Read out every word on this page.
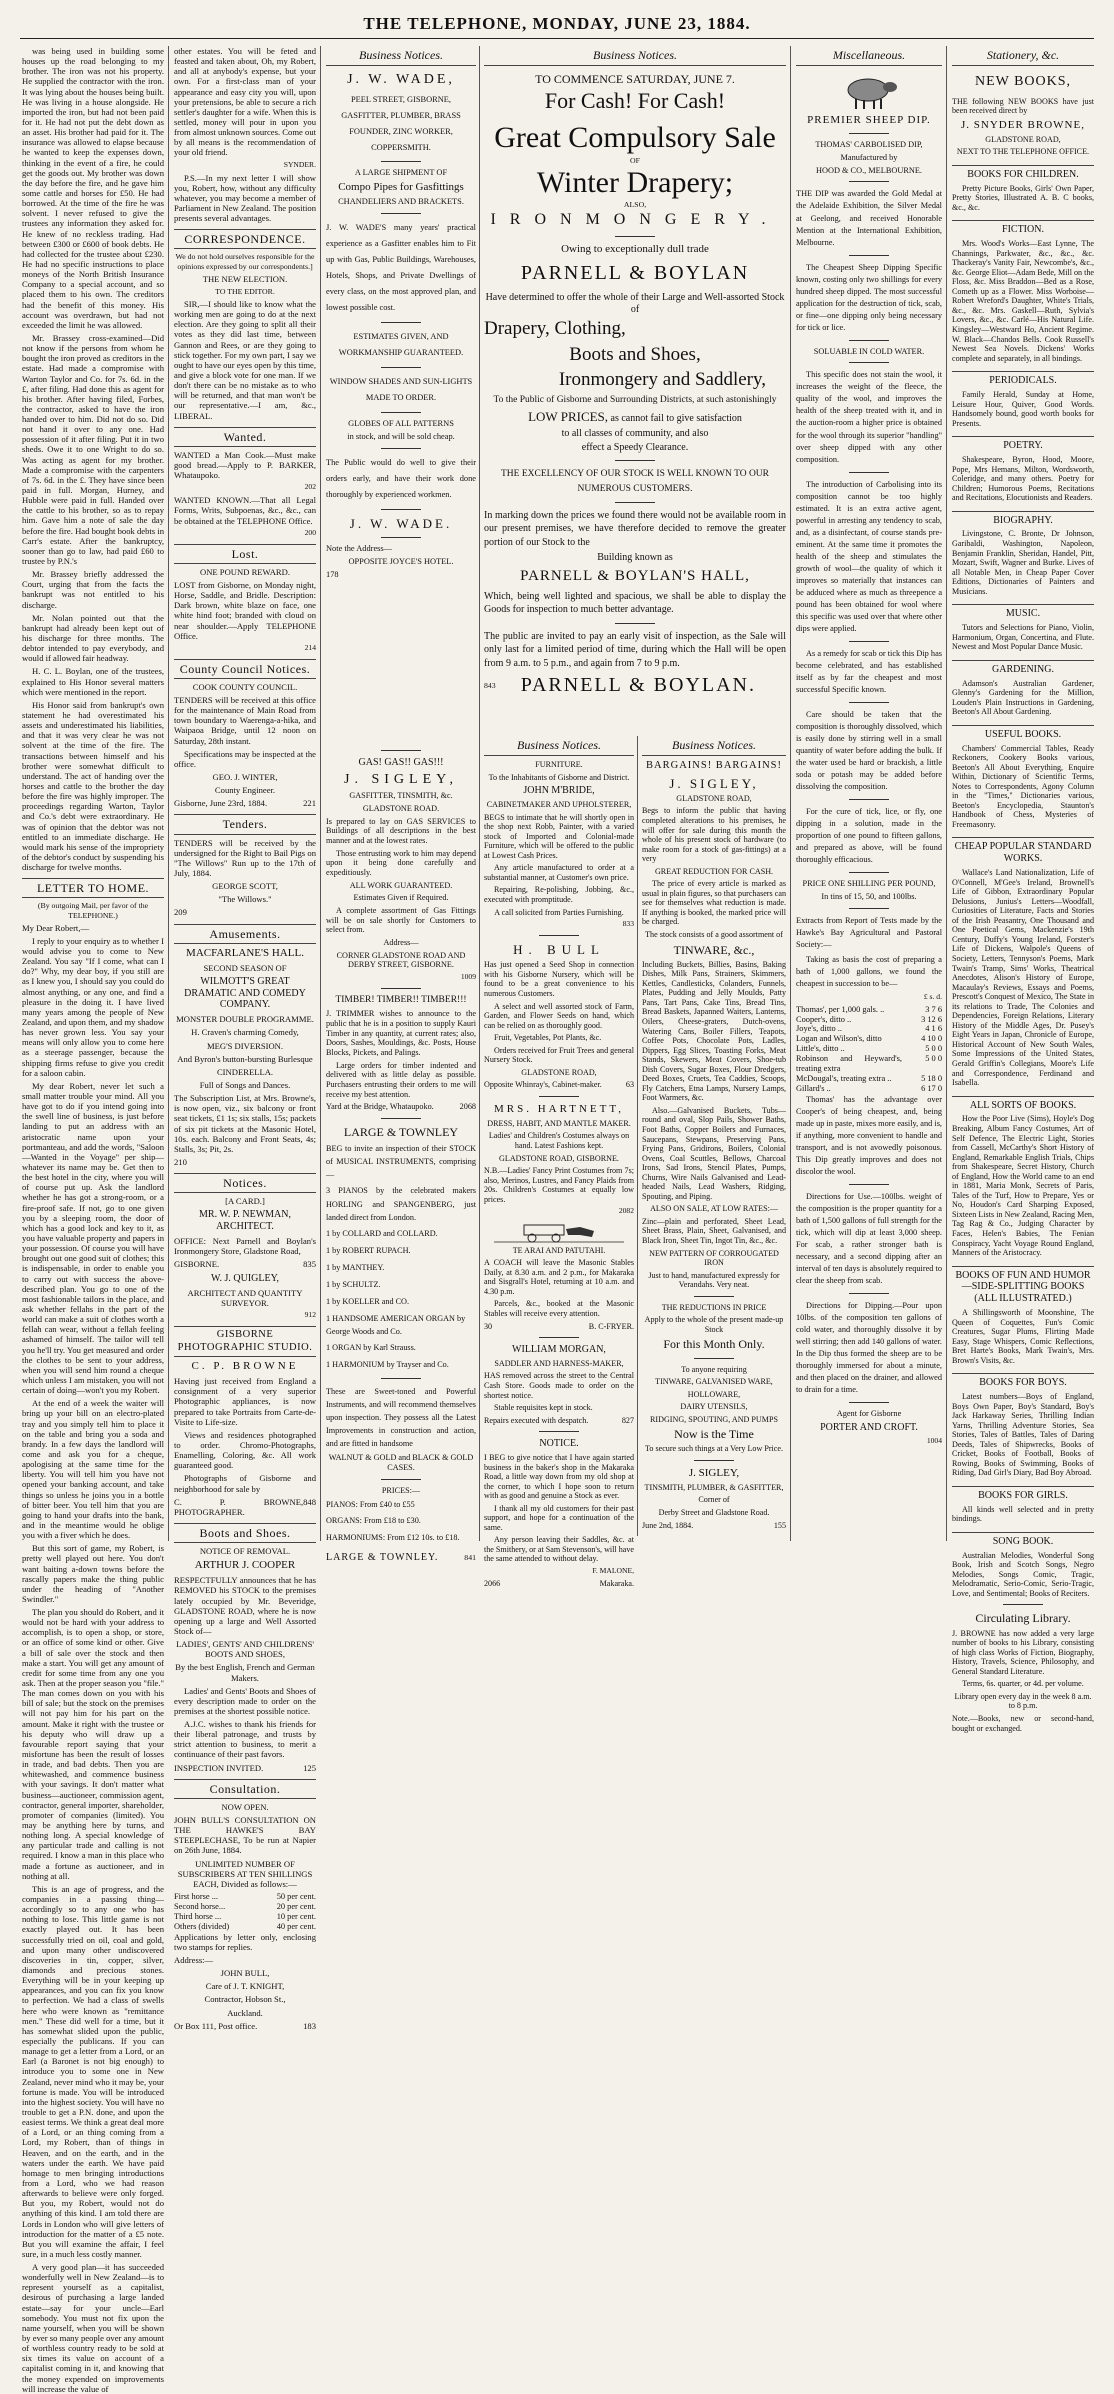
THE TELEPHONE, MONDAY, JUNE 23, 1884.

was being used in building some houses up the road belonging to my brother. The iron was not his property. He supplied the contractor with the iron. It was lying about the houses being built. He was living in a house alongside. He imported the iron, but had not been paid for it. He had not put the debt down as an asset. His brother had paid for it. The insurance was allowed to elapse because he wanted to keep the expenses down, thinking in the event of a fire, he could get the goods out. My brother was down the day before the fire, and he gave him some cattle and horses for £50. He had borrowed. At the time of the fire he was solvent. I never refused to give the trustees any information they asked for. He knew of no reckless trading. Had between £300 or £600 of book debts. He had collected for the trustee about £230. He had no specific instructions to place moneys of the North British Insurance Company to a special account, and so placed them to his own. The creditors had the benefit of this money. His account was overdrawn, but had not exceeded the limit he was allowed.

Mr. Brassey cross-examined—Did not know if the persons from whom he bought the iron proved as creditors in the estate. Had made a compromise with Warton Taylor and Co. for 7s. 6d. in the £, after filing. Had done this as agent for his brother. After having filed, Forbes, the contractor, asked to have the iron handed over to him. Did not do so. Did not hand it over to any one. Had possession of it after filing. Put it in two sheds. Owe it to one Wright to do so. Was acting as agent for my brother. Made a compromise with the carpenters of 7s. 6d. in the £. They have since been paid in full. Morgan, Hurney, and Hubble were paid in full. Handed over the cattle to his brother, so as to repay him. Gave him a note of sale the day before the fire. Had bought book debts in Carr's estate. After the bankruptcy, sooner than go to law, had paid £60 to trustee by P.N.'s

Mr. Brassey briefly addressed the Court, urging that from the facts the bankrupt was not entitled to his discharge.

Mr. Nolan pointed out that the bankrupt had already been kept out of his discharge for three months. The debtor intended to pay everybody, and would if allowed fair headway.

H. C. L. Boylan, one of the trustees, explained to His Honor several matters which were mentioned in the report.

His Honor said from bankrupt's own statement he had overestimated his assets and underestimated his liabilities, and that it was very clear he was not solvent at the time of the fire. The transactions between himself and his brother were somewhat difficult to understand. The act of handing over the horses and cattle to the brother the day before the fire was highly improper. The proceedings regarding Warton, Taylor and Co.'s debt were extraordinary. He was of opinion that the debtor was not entitled to an immediate discharge. He would mark his sense of the impropriety of the debtor's conduct by suspending his discharge for twelve months.

LETTER TO HOME.

(By outgoing Mail, per favor of the TELEPHONE.)

My Dear Robert,—

I reply to your enquiry as to whether I would advise you to come to New Zealand. You say "If I come, what can I do?" Why, my dear boy, if you still are as I knew you, I should say you could do almost anything, or any one, and find a pleasure in the doing it. I have lived many years among the people of New Zealand, and upon them, and my shadow has never grown less. You say your means will only allow you to come here as a steerage passenger, because the shipping firms refuse to give you credit for a saloon cabin.

My dear Robert, never let such a small matter trouble your mind. All you have got to do if you intend going into the swell line of business, is just before landing to put an address with an aristocratic name upon your portmanteau, and add the words, "Saloon—Wanted in the Voyage" per ship—whatever its name may be. Get then to the best hotel in the city, where you will of course put up. Ask the landlord whether he has got a strong-room, or a fire-proof safe. If not, go to one given you by a sleeping room, the door of which has a good lock and key to it, as you have valuable property and papers in your possession. Of course you will have brought out one good suit of clothes; this is indispensable, in order to enable you to carry out with success the above-described plan. You go to one of the most fashionable tailors in the place, and ask whether fellahs in the part of the world can make a suit of clothes worth a fellah can wear, without a fellah feeling ashamed of himself. The tailor will tell you he'll try. You get measured and order the clothes to be sent to your address, when you will send him round a cheque which unless I am mistaken, you will not certain of doing—won't you my Robert.

At the end of a week the waiter will bring up your bill on an electro-plated tray and you simply tell him to place it on the table and bring you a soda and brandy. In a few days the landlord will come and ask you for a cheque, apologising at the same time for the liberty. You will tell him you have not opened your banking account, and take things so unless he joins you in a bottle of bitter beer. You tell him that you are going to hand your drafts into the bank, and in the meantime would he oblige you with a fiver which he does.

But this sort of game, my Robert, is pretty well played out here. You don't want baiting a-down towns before the rascally papers make the thing public under the heading of "Another Swindler."

The plan you should do Robert, and it would not be hard with your address to accomplish, is to open a shop, or store, or an office of some kind or other. Give a bill of sale over the stock and then make a start. You will get any amount of credit for some time from any one you ask. Then at the proper season you "file." The man comes down on you with his bill of sale; but the stock on the premises will not pay him for his part on the amount. Make it right with the trustee or his deputy who will draw up a favourable report saying that your misfortune has been the result of losses in trade, and bad debts. Then you are whitewashed, and commence business with your savings. It don't matter what business—auctioneer, commission agent, contractor, general importer, shareholder, promoter of companies (limited). You may be anything here by turns, and nothing long. A special knowledge of any particular trade and calling is not required. I know a man in this place who made a fortune as auctioneer, and in nothing at all.

This is an age of progress, and the companies in a passing thing—accordingly so to any one who has nothing to lose. This little game is not exactly played out. It has been successfully tried on oil, coal and gold, and upon many other undiscovered discoveries in tin, copper, silver, diamonds and precious stones. Everything will be in your keeping up appearances, and you can fix you know to perfection. We had a class of swells here who were known as "remittance men." These did well for a time, but it has somewhat slided upon the public, especially the publicans. If you can manage to get a letter from a Lord, or an Earl (a Baronet is not big enough) to introduce you to some one in New Zealand, never mind who it may be, your fortune is made. You will be introduced into the highest society. You will have no trouble to get a P.N. done, and upon the easiest terms. We think a great deal more of a Lord, or an thing coming from a Lord, my Robert, than of things in Heaven, and on the earth, and in the waters under the earth. We have paid homage to men bringing introductions from a Lord, who we had reason afterwards to believe were only forged. But you, my Robert, would not do anything of this kind. I am told there are Lords in London who will give letters of introduction for the matter of a £5 note. But you will examine the affair, I feel sure, in a much less costly manner.

A very good plan—it has succeeded wonderfully well in New Zealand—is to represent yourself as a capitalist, desirous of purchasing a large landed estate—say for your uncle—Earl somebody. You must not fix upon the name yourself, when you will be shown by ever so many people over any amount of worthless country ready to be sold at six times its value on account of a capitalist coming in it, and knowing that the money expended on improvements will increase the value of

other estates. You will be feted and feasted and taken about, Oh, my Robert, and all at anybody's expense, but your own. For a first-class man of your appearance and easy city you will, upon your pretensions, be able to secure a rich settler's daughter for a wife. When this is settled, money will pour in upon you from almost unknown sources. Come out by all means is the recommendation of your old friend.

SYNDER.

P.S.—In my next letter I will show you, Robert, how, without any difficulty whatever, you may become a member of Parliament in New Zealand. The position presents several advantages.

CORRESPONDENCE.

We do not hold ourselves responsible for the opinions expressed by our correspondents.]

THE NEW ELECTION.

TO THE EDITOR.

SIR,—I should like to know what the working men are going to do at the next election. Are they going to split all their votes as they did last time, between Gannon and Rees, or are they going to stick together. For my own part, I say we ought to have our eyes open by this time, and give a block vote for one man. If we don't there can be no mistake as to who will be returned, and that man won't be our representative.—I am, &c., LIBERAL.

Wanted.

WANTED a Man Cook.—Must make good bread.—Apply to P. BARKER, Whataupoko.

202

WANTED KNOWN.—That all Legal Forms, Writs, Subpoenas, &c., &c., can be obtained at the TELEPHONE Office.

200

Lost.

ONE POUND REWARD.

LOST from Gisborne, on Monday night, Horse, Saddle, and Bridle. Description: Dark brown, white blaze on face, one white hind foot; branded with cloud on near shoulder.—Apply TELEPHONE Office.

214

County Council Notices.

COOK COUNTY COUNCIL.

TENDERS will be received at this office for the maintenance of Main Road from town boundary to Waerenga-a-hika, and Waipaoa Bridge, until 12 noon on Saturday, 28th instant.

Specifications may be inspected at the office.

GEO. J. WINTER,

County Engineer.

Gisborne, June 23rd, 1884.	221
Tenders.

TENDERS will be received by the undersigned for the Right to Bail Pigs on "The Willows" Run up to the 17th of July, 1884.

GEORGE SCOTT,

"The Willows."

209

Amusements.

MACFARLANE'S HALL.

SECOND SEASON OF

WILMOTT'S GREAT DRAMATIC AND COMEDY COMPANY.

MONSTER DOUBLE PROGRAMME.

H. Craven's charming Comedy,

MEG'S DIVERSION.

And Byron's button-bursting Burlesque

CINDERELLA.

Full of Songs and Dances.

The Subscription List, at Mrs. Browne's, is now open, viz., six balcony or front seat tickets, £1 1s; six stalls, 15s; packets of six pit tickets at the Masonic Hotel, 10s. each. Balcony and Front Seats, 4s; Stalls, 3s; Pit, 2s.

210

Notices.

[A CARD.]

MR. W. P. NEWMAN, ARCHITECT.

OFFICE: Next Parnell and Boylan's Ironmongery Store, Gladstone Road,

GISBORNE.	835

W. J. QUIGLEY,

ARCHITECT AND QUANTITY SURVEYOR.

912

GISBORNE PHOTOGRAPHIC STUDIO.

C. P. BROWNE

Having just received from England a consignment of a very superior Photographic appliances, is now prepared to take Portraits from Carte-de-Visite to Life-size.

Views and residences photographed to order. Chromo-Photographs, Enamelling, Coloring, &c. All work guaranteed good.

Photographs of Gisborne and neighborhood for sale by

C. P. BROWNE, PHOTOGRAPHER.
848
Boots and Shoes.

NOTICE OF REMOVAL.

ARTHUR J. COOPER

RESPECTFULLY announces that he has REMOVED his STOCK to the premises lately occupied by Mr. Beveridge, GLADSTONE ROAD, where he is now opening up a large and Well Assorted Stock of—

LADIES', GENTS' AND CHILDRENS' BOOTS AND SHOES,

By the best English, French and German Makers.

Ladies' and Gents' Boots and Shoes of every description made to order on the premises at the shortest possible notice.

A.J.C. wishes to thank his friends for their liberal patronage, and trusts by strict attention to business, to merit a continuance of their past favors.

INSPECTION INVITED.	125
Consultation.

NOW OPEN.

JOHN BULL'S CONSULTATION ON THE HAWKE'S BAY STEEPLECHASE, To be run at Napier on 26th June, 1884.

UNLIMITED NUMBER OF SUBSCRIBERS AT TEN SHILLINGS EACH, Divided as follows:—

First horse ...	50 per cent.
Second horse...	20 per cent.
Third horse ...	10 per cent.
Others (divided)	40 per cent.

Applications by letter only, enclosing two stamps for replies.

Address:—

JOHN BULL,

Care of J. T. KNIGHT,

Contractor, Hobson St.,

Auckland.

Or Box 111, Post office.	183
Business Notices.
J. W. WADE,

PEEL STREET, GISBORNE,

GASFITTER, PLUMBER, BRASS FOUNDER, ZINC WORKER, COPPERSMITH.

A LARGE SHIPMENT OF

Compo Pipes for Gasfittings

CHANDELIERS AND BRACKETS.

J. W. WADE'S many years' practical experience as a Gasfitter enables him to Fit up with Gas, Public Buildings, Warehouses, Hotels, Shops, and Private Dwellings of every class, on the most approved plan, and lowest possible cost.

ESTIMATES GIVEN, AND WORKMANSHIP GUARANTEED.

WINDOW SHADES AND SUN-LIGHTS MADE TO ORDER.

GLOBES OF ALL PATTERNS

in stock, and will be sold cheap.

The Public would do well to give their orders early, and have their work done thoroughly by experienced workmen.

J. W. WADE.

Note the Address—

OPPOSITE JOYCE'S HOTEL.

178

Business Notices.
TO COMMENCE SATURDAY, JUNE 7.
For Cash! For Cash!
Great Compulsory Sale
OF
Winter Drapery;
ALSO,
IRONMONGERY.
Owing to exceptionally dull trade
PARNELL & BOYLAN
Have determined to offer the whole of their Large and Well-assorted Stock of
Drapery, Clothing,
Boots and Shoes,
Ironmongery and Saddlery,
To the Public of Gisborne and Surrounding Districts, at such astonishingly
LOW PRICES, as cannot fail to give satisfaction
to all classes of community, and also
effect a Speedy Clearance.
THE EXCELLENCY OF OUR STOCK IS WELL KNOWN TO OUR NUMEROUS CUSTOMERS.
In marking down the prices we found there would not be available room in our present premises, we have therefore decided to remove the greater portion of our Stock to the
Building known as
PARNELL & BOYLAN'S HALL,
Which, being well lighted and spacious, we shall be able to display the Goods for inspection to much better advantage.
The public are invited to pay an early visit of inspection, as the Sale will only last for a limited period of time, during which the Hall will be open from 9 a.m. to 5 p.m., and again from 7 to 9 p.m.
843 PARNELL & BOYLAN.

GAS! GAS!! GAS!!!

J. SIGLEY,

GASFITTER, TINSMITH, &c.

GLADSTONE ROAD.

Is prepared to lay on GAS SERVICES to Buildings of all descriptions in the best manner and at the lowest rates.

Those entrusting work to him may depend upon it being done carefully and expeditiously.

ALL WORK GUARANTEED.

Estimates Given if Required.

A complete assortment of Gas Fittings will be on sale shortly for Customers to select from.

Address—

CORNER GLADSTONE ROAD AND DERBY STREET, GISBORNE.

1009

TIMBER! TIMBER!! TIMBER!!!

J. TRIMMER wishes to announce to the public that he is in a position to supply Kauri Timber in any quantity, at current rates; also, Doors, Sashes, Mouldings, &c. Posts, House Blocks, Pickets, and Palings.

Large orders for timber indented and delivered with as little delay as possible. Purchasers entrusting their orders to me will receive my best attention.

Yard at the Bridge, Whataupoko.	2068

LARGE & TOWNLEY

BEG to invite an inspection of their STOCK of MUSICAL INSTRUMENTS, comprising—

3 PIANOS by the celebrated makers HORLING and SPANGENBERG, just landed direct from London.

1 by COLLARD and COLLARD.

1 by ROBERT RUPACH.

1 by MANTHEY.

1 by SCHULTZ.

1 by KOELLER and CO.

1 HANDSOME AMERICAN ORGAN by George Woods and Co.

1 ORGAN by Karl Strauss.

1 HARMONIUM by Trayser and Co.

These are Sweet-toned and Powerful Instruments, and will recommend themselves upon inspection. They possess all the Latest Improvements in construction and action, and are fitted in handsome

WALNUT & GOLD and BLACK & GOLD CASES.

PRICES:—

PIANOS: From £40 to £55

ORGANS: From £18 to £30.

HARMONIUMS: From £12 10s. to £18.

LARGE & TOWNLEY.	841
Business Notices.

FURNITURE.

To the Inhabitants of Gisborne and District.

JOHN M'BRIDE,

CABINETMAKER AND UPHOLSTERER,

BEGS to intimate that he will shortly open in the shop next Robb, Painter, with a varied stock of Imported and Colonial-made Furniture, which will be offered to the public at Lowest Cash Prices.

Any article manufactured to order at a substantial manner, at Customer's own price.

Repairing, Re-polishing, Jobbing, &c., executed with promptitude.

A call solicited from Parties Furnishing.

833

H. BULL

Has just opened a Seed Shop in connection with his Gisborne Nursery, which will be found to be a great convenience to his numerous Customers.

A select and well assorted stock of Farm, Garden, and Flower Seeds on hand, which can be relied on as thoroughly good.

Fruit, Vegetables, Pot Plants, &c.

Orders received for Fruit Trees and general Nursery Stock.

GLADSTONE ROAD,

Opposite Whinray's, Cabinet-maker.	63

MRS. HARTNETT,

DRESS, HABIT, AND MANTLE MAKER.

Ladies' and Children's Costumes always on hand. Latest Fashions kept.

GLADSTONE ROAD, GISBORNE.

N.B.—Ladies' Fancy Print Costumes from 7s; also, Merinos, Lustres, and Fancy Plaids from 20s. Children's Costumes at equally low prices.

2082

TE ARAI AND PATUTAHI.

A COACH will leave the Masonic Stables Daily, at 8.30 a.m. and 2 p.m., for Makaraka and Sisgrall's Hotel, returning at 10 a.m. and 4.30 p.m.

Parcels, &c., booked at the Masonic Stables will receive every attention.

30	B. C-FRYER.

WILLIAM MORGAN,

SADDLER AND HARNESS-MAKER,

HAS removed across the street to the Central Cash Store. Goods made to order on the shortest notice.

Stable requisites kept in stock.

Repairs executed with despatch.	827

NOTICE.

I BEG to give notice that I have again started business in the baker's shop in the Makaraka Road, a little way down from my old shop at the corner, to which I hope soon to return with as good and genuine a Stock as ever.

I thank all my old customers for their past support, and hope for a continuation of the same.

Any person leaving their Saddles, &c. at the Smithery, or at Sam Stevenson's, will have the same attended to without delay.

F. MALONE,

2066	Makaraka.
Business Notices.

BARGAINS! BARGAINS!

J. SIGLEY,

GLADSTONE ROAD,

Begs to inform the public that having completed alterations to his premises, he will offer for sale during this month the whole of his present stock of hardware (to make room for a stock of gas-fittings) at a very

GREAT REDUCTION FOR CASH.

The price of every article is marked as usual in plain figures, so that purchasers can see for themselves what reduction is made. If anything is booked, the marked price will be charged.

The stock consists of a good assortment of

TINWARE, &c.,

Including Buckets, Billies, Basins, Baking Dishes, Milk Pans, Strainers, Skimmers, Kettles, Candlesticks, Colanders, Funnels, Plates, Pudding and Jelly Moulds, Patty Pans, Tart Pans, Cake Tins, Bread Tins, Bread Baskets, Japanned Waiters, Lanterns, Oilers, Cheese-graters, Dutch-ovens, Watering Cans, Boiler Fillers, Teapots, Coffee Pots, Chocolate Pots, Ladles, Dippers, Egg Slices, Toasting Forks, Meat Stands, Skewers, Meat Covers, Shoe-tub Dish Covers, Sugar Boxes, Flour Dredgers, Deed Boxes, Cruets, Tea Caddies, Scoops, Fly Catchers, Etna Lamps, Nursery Lamps, Foot Warmers, &c.

Also.—Galvanised Buckets, Tubs—round and oval, Slop Pails, Shower Baths, Foot Baths, Copper Boilers and Furnaces, Saucepans, Stewpans, Preserving Pans, Frying Pans, Gridirons, Boilers, Colonial Ovens, Coal Scuttles, Bellows, Charcoal Irons, Sad Irons, Stencil Plates, Pumps, Churns, Wire Nails Galvanised and Lead-headed Nails, Lead Washers, Ridging, Spouting, and Piping.

ALSO ON SALE, AT LOW RATES:—

Zinc—plain and perforated, Sheet Lead, Sheet Brass, Plain, Sheet, Galvanised, and Black Iron, Sheet Tin, Ingot Tin, &c., &c.

NEW PATTERN OF CORROUGATED IRON

Just to hand, manufactured expressly for Verandahs. Very neat.

THE REDUCTIONS IN PRICE

Apply to the whole of the present made-up Stock

For this Month Only.

To anyone requiring

TINWARE, GALVANISED WARE,

HOLLOWARE,

DAIRY UTENSILS,

RIDGING, SPOUTING, AND PUMPS

Now is the Time

To secure such things at a Very Low Price.

J. SIGLEY,

TINSMITH, PLUMBER, & GASFITTER,

Corner of

Derby Street and Gladstone Road.

June 2nd, 1884.	155
Miscellaneous.

PREMIER SHEEP DIP.

THOMAS' CARBOLISED DIP,

Manufactured by

HOOD & CO., MELBOURNE.

THE DIP was awarded the Gold Medal at the Adelaide Exhibition, the Silver Medal at Geelong, and received Honorable Mention at the International Exhibition, Melbourne.

The Cheapest Sheep Dipping Specific known, costing only two shillings for every hundred sheep dipped. The most successful application for the destruction of tick, scab, or fine—one dipping only being necessary for tick or lice.

SOLUABLE IN COLD WATER.

This specific does not stain the wool, it increases the weight of the fleece, the quality of the wool, and improves the health of the sheep treated with it, and in the auction-room a higher price is obtained for the wool through its superior "handling" over sheep dipped with any other composition.

The introduction of Carbolising into its composition cannot be too highly estimated. It is an extra active agent, powerful in arresting any tendency to scab, and, as a disinfectant, of course stands pre-eminent. At the same time it promotes the health of the sheep and stimulates the growth of wool—the quality of which it improves so materially that instances can be adduced where as much as threepence a pound has been obtained for wool where this specific was used over that where other dips were applied.

As a remedy for scab or tick this Dip has become celebrated, and has established itself as by far the cheapest and most successful Specific known.

Care should be taken that the composition is thoroughly dissolved, which is easily done by stirring well in a small quantity of water before adding the bulk. If the water used be hard or brackish, a little soda or potash may be added before dissolving the composition.

For the cure of tick, lice, or fly, one dipping in a solution, made in the proportion of one pound to fifteen gallons, and prepared as above, will be found thoroughly efficacious.

PRICE ONE SHILLING PER POUND,

In tins of 15, 50, and 100lbs.

Extracts from Report of Tests made by the Hawke's Bay Agricultural and Pastoral Society:—

Taking as basis the cost of preparing a bath of 1,000 gallons, we found the cheapest in succession to be—

£ s. d.

Thomas', per 1,000 gals. ..	3 7 6
Cooper's, ditto ..	3 12 6
Joye's, ditto ..	4 1 6
Logan and Wilson's, ditto	4 10 0
Little's, ditto ..	5 0 0
Robinson and Heyward's, treating extra
5 0 0
McDougal's, treating extra ..	5 18 0
Gillard's ..	6 17 0

Thomas' has the advantage over Cooper's of being cheapest, and, being made up in paste, mixes more easily, and is, if anything, more convenient to handle and transport, and is not avowedly poisonous. This Dip greatly improves and does not discolor the wool.

Directions for Use.—100lbs. weight of the composition is the proper quantity for a bath of 1,500 gallons of full strength for the tick, which will dip at least 3,000 sheep. For scab, a rather stronger bath is necessary, and a second dipping after an interval of ten days is absolutely required to clear the sheep from scab.

Directions for Dipping.—Pour upon 10lbs. of the composition ten gallons of cold water, and thoroughly dissolve it by well stirring; then add 140 gallons of water. In the Dip thus formed the sheep are to be thoroughly immersed for about a minute, and then placed on the drainer, and allowed to drain for a time.

Agent for Gisborne

PORTER AND CROFT.

1004

Stationery, &c.
NEW BOOKS,

THE following NEW BOOKS have just been received direct by

J. SNYDER BROWNE,

GLADSTONE ROAD,

NEXT TO THE TELEPHONE OFFICE.

BOOKS FOR CHILDREN.

Pretty Picture Books, Girls' Own Paper, Pretty Stories, Illustrated A. B. C books, &c., &c.

FICTION.

Mrs. Wood's Works—East Lynne, The Channings, Parkwater, &c., &c., &c. Thackeray's Vanity Fair, Newcombe's, &c., &c. George Eliot—Adam Bede, Mill on the Floss, &c. Miss Braddon—Bed as a Rose, Cometh up as a Flower. Miss Worboise—Robert Wreford's Daughter, White's Trials, &c., &c. Mrs. Gaskell—Ruth, Sylvia's Lovers, &c., &c. Carlé—His Natural Life. Kingsley—Westward Ho, Ancient Regime. W. Black—Chandos Bells. Cook Russell's Newest Sea Novels. Dickens' Works complete and separately, in all bindings.

PERIODICALS.

Family Herald, Sunday at Home, Leisure Hour, Quiver, Good Words. Handsomely bound, good worth books for Presents.

POETRY.

Shakespeare, Byron, Hood, Moore, Pope, Mrs Hemans, Milton, Wordsworth, Coleridge, and many others. Poetry for Children; Humorous Poems, Recitations and Recitations, Elocutionists and Readers.

BIOGRAPHY.

Livingstone, C. Bronte, Dr Johnson, Garibaldi, Washington, Napoleon, Benjamin Franklin, Sheridan, Handel, Pitt, Mozart, Swift, Wagner and Burke. Lives of all Notable Men, in Cheap Paper Cover Editions, Dictionaries of Painters and Musicians.

MUSIC.

Tutors and Selections for Piano, Violin, Harmonium, Organ, Concertina, and Flute. Newest and Most Popular Dance Music.

GARDENING.

Adamson's Australian Gardener, Glenny's Gardening for the Million, Louden's Plain Instructions in Gardening, Beeton's All About Gardening.

USEFUL BOOKS.

Chambers' Commercial Tables, Ready Reckoners, Cookery Books various, Beeton's All About Everything, Enquire Within, Dictionary of Scientific Terms, Notes to Correspondents, Agony Column in the "Times," Dictionaries various, Beeton's Encyclopedia, Staunton's Handbook of Chess, Mysteries of Freemasonry.

CHEAP POPULAR STANDARD WORKS.

Wallace's Land Nationalization, Life of O'Connell, M'Gee's Ireland, Brownell's Life of Gibbon, Extraordinary Popular Delusions, Junius's Letters—Woodfall, Curiosities of Literature, Facts and Stories of the Irish Peasantry, One Thousand and One Poetical Gems, Mackenzie's 19th Century, Duffy's Young Ireland, Forster's Life of Dickens, Walpole's Queens of Society, Letters, Tennyson's Poems, Mark Twain's Tramp, Sims' Works, Theatrical Anecdotes, Alison's History of Europe, Macaulay's Reviews, Essays and Poems, Prescott's Conquest of Mexico, The State in its relations to Trade, The Colonies and Dependencies, Foreign Relations, Literary History of the Middle Ages, Dr. Pusey's Eight Years in Japan, Chronicle of Europe, Historical Account of New South Wales, Some Impressions of the United States, Gerald Griffin's Collegians, Moore's Life and Correspondence, Ferdinand and Isabella.

ALL SORTS OF BOOKS.

How the Poor Live (Sims), Hoyle's Dog Breaking, Album Fancy Costumes, Art of Self Defence, The Electric Light, Stories from Cassell, McCarthy's Short History of England, Remarkable English Trials, Chips from Shakespeare, Secret History, Church of England, How the World came to an end in 1881, Maria Monk, Secrets of Paris, Tales of the Turf, How to Prepare, Yes or No, Houdon's Card Sharping Exposed, Sixteen Lists in New Zealand, Racing Men, Tag Rag & Co., Judging Character by Faces, Helen's Babies, The Fenian Conspiracy, Yacht Voyage Round England, Manners of the Aristocracy.

BOOKS OF FUN AND HUMOR—SIDE-SPLITTING BOOKS (ALL ILLUSTRATED.)

A Shillingsworth of Moonshine, The Queen of Coquettes, Fun's Comic Creatures, Sugar Plums, Flirting Made Easy, Stage Whispers, Comic Reflections, Bret Harte's Books, Mark Twain's, Mrs. Brown's Visits, &c.

BOOKS FOR BOYS.

Latest numbers—Boys of England, Boys Own Paper, Boy's Standard, Boy's Jack Harkaway Series, Thrilling Indian Yarns, Thrilling Adventure Stories, Sea Stories, Tales of Battles, Tales of Daring Deeds, Tales of Shipwrecks, Books of Cricket, Books of Football, Books of Rowing, Books of Swimming, Books of Riding, Dad Girl's Diary, Bad Boy Abroad.

BOOKS FOR GIRLS.

All kinds well selected and in pretty bindings.

SONG BOOK.

Australian Melodies, Wonderful Song Book, Irish and Scotch Songs, Negro Melodies, Songs Comic, Tragic, Melodramatic, Serio-Comic, Serio-Tragic, Love, and Sentimental; Books of Reciters.

Circulating Library.

J. BROWNE has now added a very large number of books to his Library, consisting of high class Works of Fiction, Biography, History, Travels, Science, Philosophy, and General Standard Literature.

Terms, 6s. quarter, or 4d. per volume.

Library open every day in the week 8 a.m. to 8 p.m.

Note.—Books, new or second-hand, bought or exchanged.
